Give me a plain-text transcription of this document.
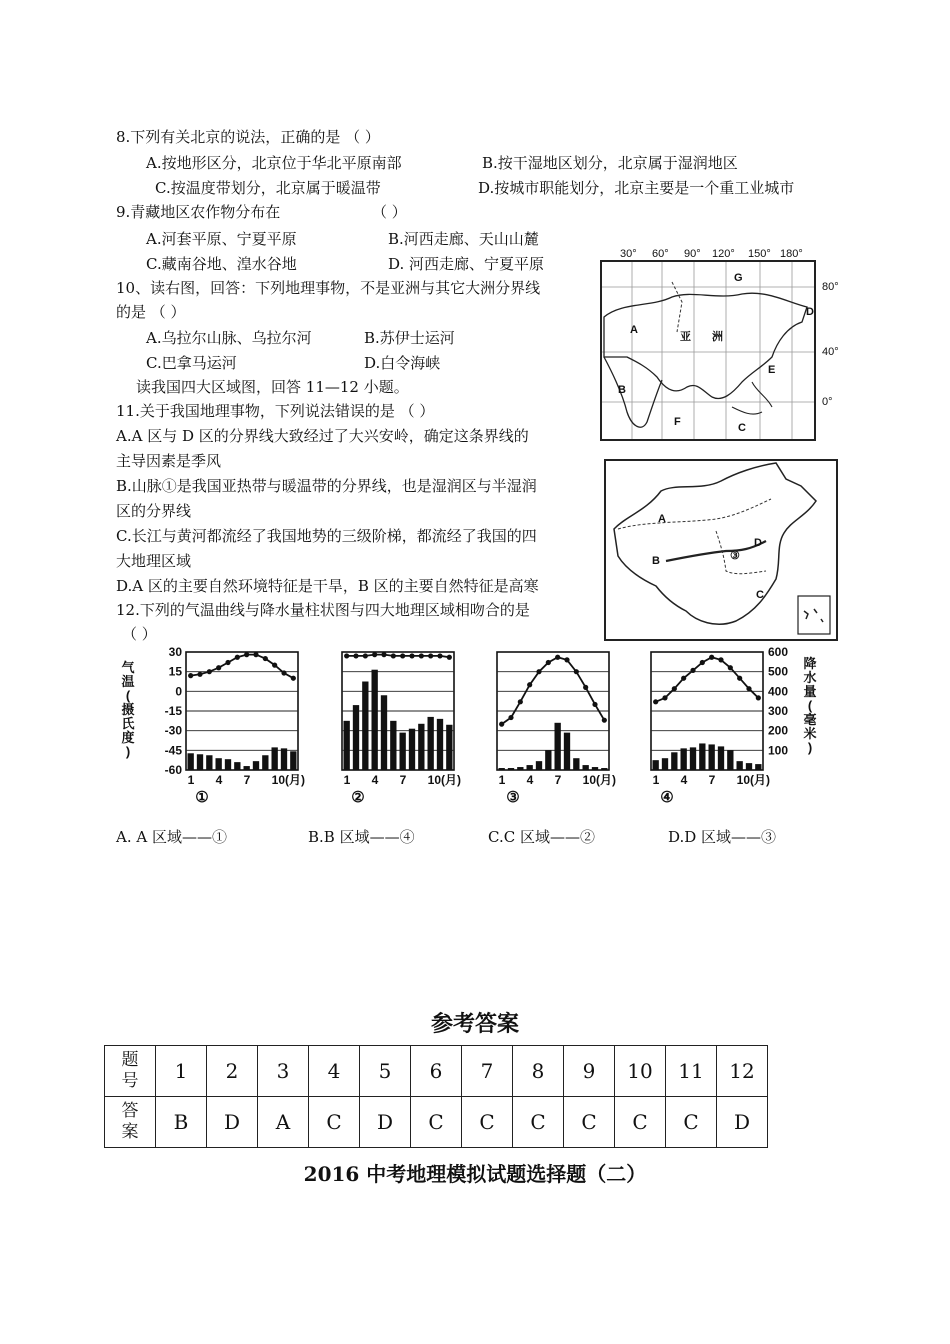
8.下列有关北京的说法，正确的是 （ ）
A.按地形区分，北京位于华北平原南部	B.按干湿地区划分，北京属于湿润地区
C.按温度带划分，北京属于暖温带	D.按城市职能划分，北京主要是一个重工业城市
9.青藏地区农作物分布在	（ ）
A.河套平原、宁夏平原	B.河西走廊、天山山麓
C.藏南谷地、湟水谷地	D. 河西走廊、宁夏平原
10、读右图，回答：下列地理事物，不是亚洲与其它大洲分界线
的是 （ ）
A.乌拉尔山脉、乌拉尔河	B.苏伊士运河
C.巴拿马运河	D.白令海峡
读我国四大区域图，回答 11—12 小题。
11.关于我国地理事物，下列说法错误的是 （ ）
A.A 区与 D 区的分界线大致经过了大兴安岭，确定这条界线的
主导因素是季风
B.山脉①是我国亚热带与暖温带的分界线，也是湿润区与半湿润
区的分界线
C.长江与黄河都流经了我国地势的三级阶梯，都流经了我国的四
大地理区域
D.A 区的主要自然环境特征是干旱，B 区的主要自然特征是高寒
12.下列的气温曲线与降水量柱状图与四大地理区域相吻合的是
（ ）
30° 60° 90° 120° 150° 180°
80°
40°
0°
A
亚 洲
B
F	C
E
G
D
A
B	③
D
C
气
温
(
摄
氏
度
)
30
15
0
-15
-30
-45
-60
降
水
量
(
毫
米
)
600
500
400
300
200
100
1 4 7 10(月)
①
1 4 7 10(月)
②
1 4 7 10(月)
③
1 4 7 10(月)
④
A. A 区域——①	B.B 区域——④	C.C 区域——②	D.D 区域——③
参考答案
题
号	1	2	3	4	5	6	7	8	9	10	11	12
答
案	B	D	A	C	D	C	C	C	C	C	C	D
2016 中考地理模拟试题选择题（二）
